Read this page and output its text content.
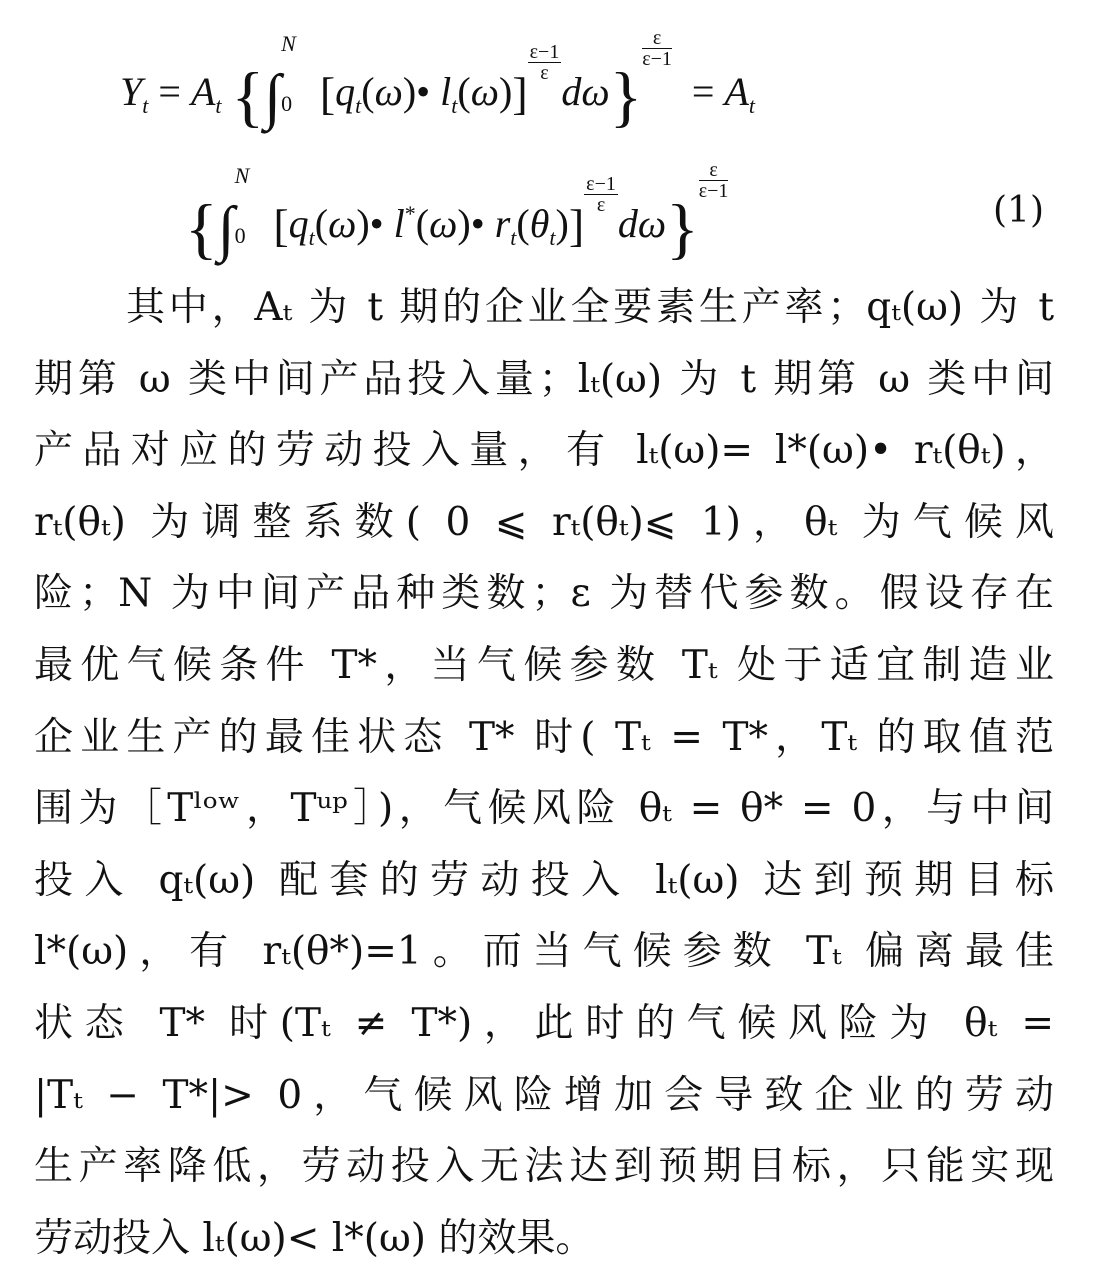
$Y_t = A_t$ {∫
N
0 [$q_t(\omega)•$ $l_t(\omega)$]
$\frac{\varepsilon-1}{\varepsilon}$
dω}
$\frac{\varepsilon}{\varepsilon-1}$
= $A_t$
{∫
N
0 [$q_t(\omega)•$ l*(ω)• $r_t(\theta_t)$]
$\frac{\varepsilon-1}{\varepsilon}$
dω}
$\frac{\varepsilon}{\varepsilon-1}$
(1)
其中，Aₜ 为 t 期的企业全要素生产率；qₜ(ω) 为 t
期第 ω 类中间产品投入量；lₜ(ω) 为 t 期第 ω 类中间
产品对应的劳动投入量，有 lₜ(ω)= l*(ω)• rₜ(θₜ)，
rₜ(θₜ) 为调整系数( 0 ⩽ rₜ(θₜ)⩽ 1)，θₜ 为气候风
险；N 为中间产品种类数；ε 为替代参数。假设存在
最优气候条件 T*，当气候参数 Tₜ 处于适宜制造业
企业生产的最佳状态 T* 时( Tₜ = T*，Tₜ 的取值范
围为［Tˡᵒʷ，Tᵘᵖ］)，气候风险 θₜ = θ* = 0，与中间
投入 qₜ(ω) 配套的劳动投入 lₜ(ω) 达到预期目标
l*(ω)，有 rₜ(θ*)=1。而当气候参数 Tₜ 偏离最佳
状态 T* 时(Tₜ ≠ T*)，此时的气候风险为 θₜ =
|Tₜ − T*|> 0，气候风险增加会导致企业的劳动
生产率降低，劳动投入无法达到预期目标，只能实现
劳动投入 lₜ(ω)< l*(ω) 的效果。
